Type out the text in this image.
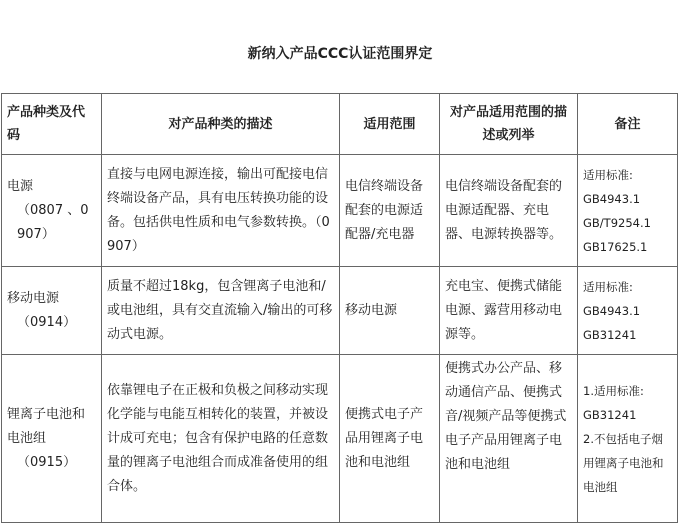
新纳入产品CCC认证范围界定
产品种类及代码	对产品种类的描述	适用范围	对产品适用范围的描述或列举	备注

电源
（0807 、0907）	直接与电网电源连接，输出可配接电信终端设备产品，具有电压转换功能的设备。包括供电性质和电气参数转换。（0907）	电信终端设备配套的电源适配器/充电器	电信终端设备配套的电源适配器、充电器、电源转换器等。	适用标准:
GB4943.1
GB/T9254.1
GB17625.1

移动电源
（0914）	质量不超过18kg，包含锂离子电池和/或电池组，具有交直流输入/输出的可移动式电源。	移动电源	充电宝、便携式储能电源、露营用移动电源等。	适用标准:
GB4943.1
GB31241

锂离子电池和电池组
（0915）	依靠锂电子在正极和负极之间移动实现化学能与电能互相转化的装置，并被设计成可充电；包含有保护电路的任意数量的锂离子电池组合而成准备使用的组合体。	便携式电子产品用锂离子电池和电池组	便携式办公产品、移动通信产品、便携式音/视频产品等便携式电子产品用锂离子电池和电池组	1.适用标准:
GB31241
2.不包括电子烟用锂离子电池和电池组
